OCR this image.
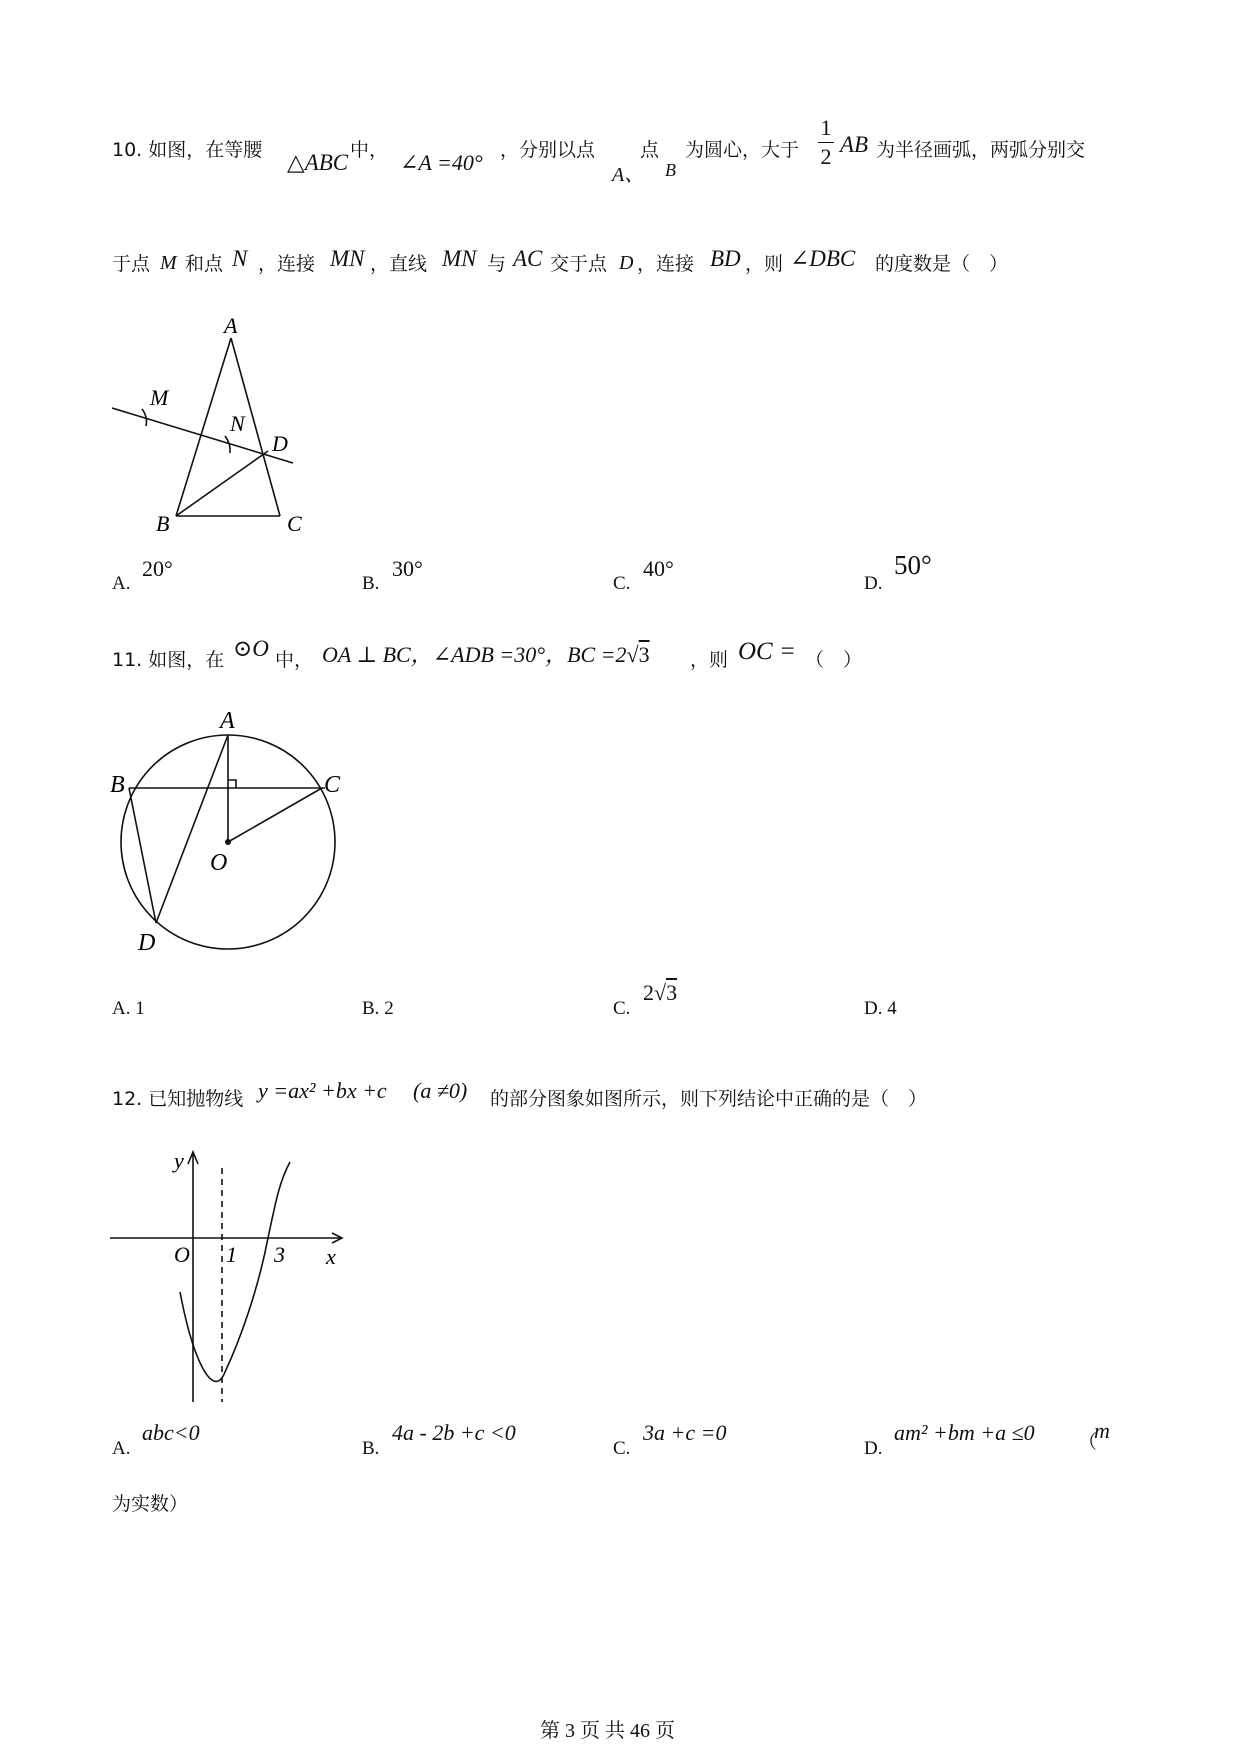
10. 如图，在等腰 △ABC 中， ∠A =40° ，分别以点
A、
点
B
为圆心，大于
1
2 AB 为半径画弧，两弧分别交
于点 M 和点 N ，连接 MN ，直线 MN 与 AC 交于点 D ，连接 BD ，则 ∠DBC 的度数是（　）
A
B	C
D
M
N
A.
20°
B.
30°
C.
40°
D.
50°
11. 如图，在 ⊙O 中， OA ⊥ BC，∠ADB =30°，BC =2√3 ，则 OC = （　）
A
B	C
O
D
A. 1	B. 2	C.
2√3
D. 4
12. 已知抛物线 y =ax² +bx +c (a ≠0) 的部分图象如图所示，则下列结论中正确的是（　）
O 1 3 x
y
A.
abc<0
B.
4a - 2b +c <0
C.
3a +c =0
D.
am² +bm +a ≤0 （
m
为实数）
第 3 页 共 46 页
